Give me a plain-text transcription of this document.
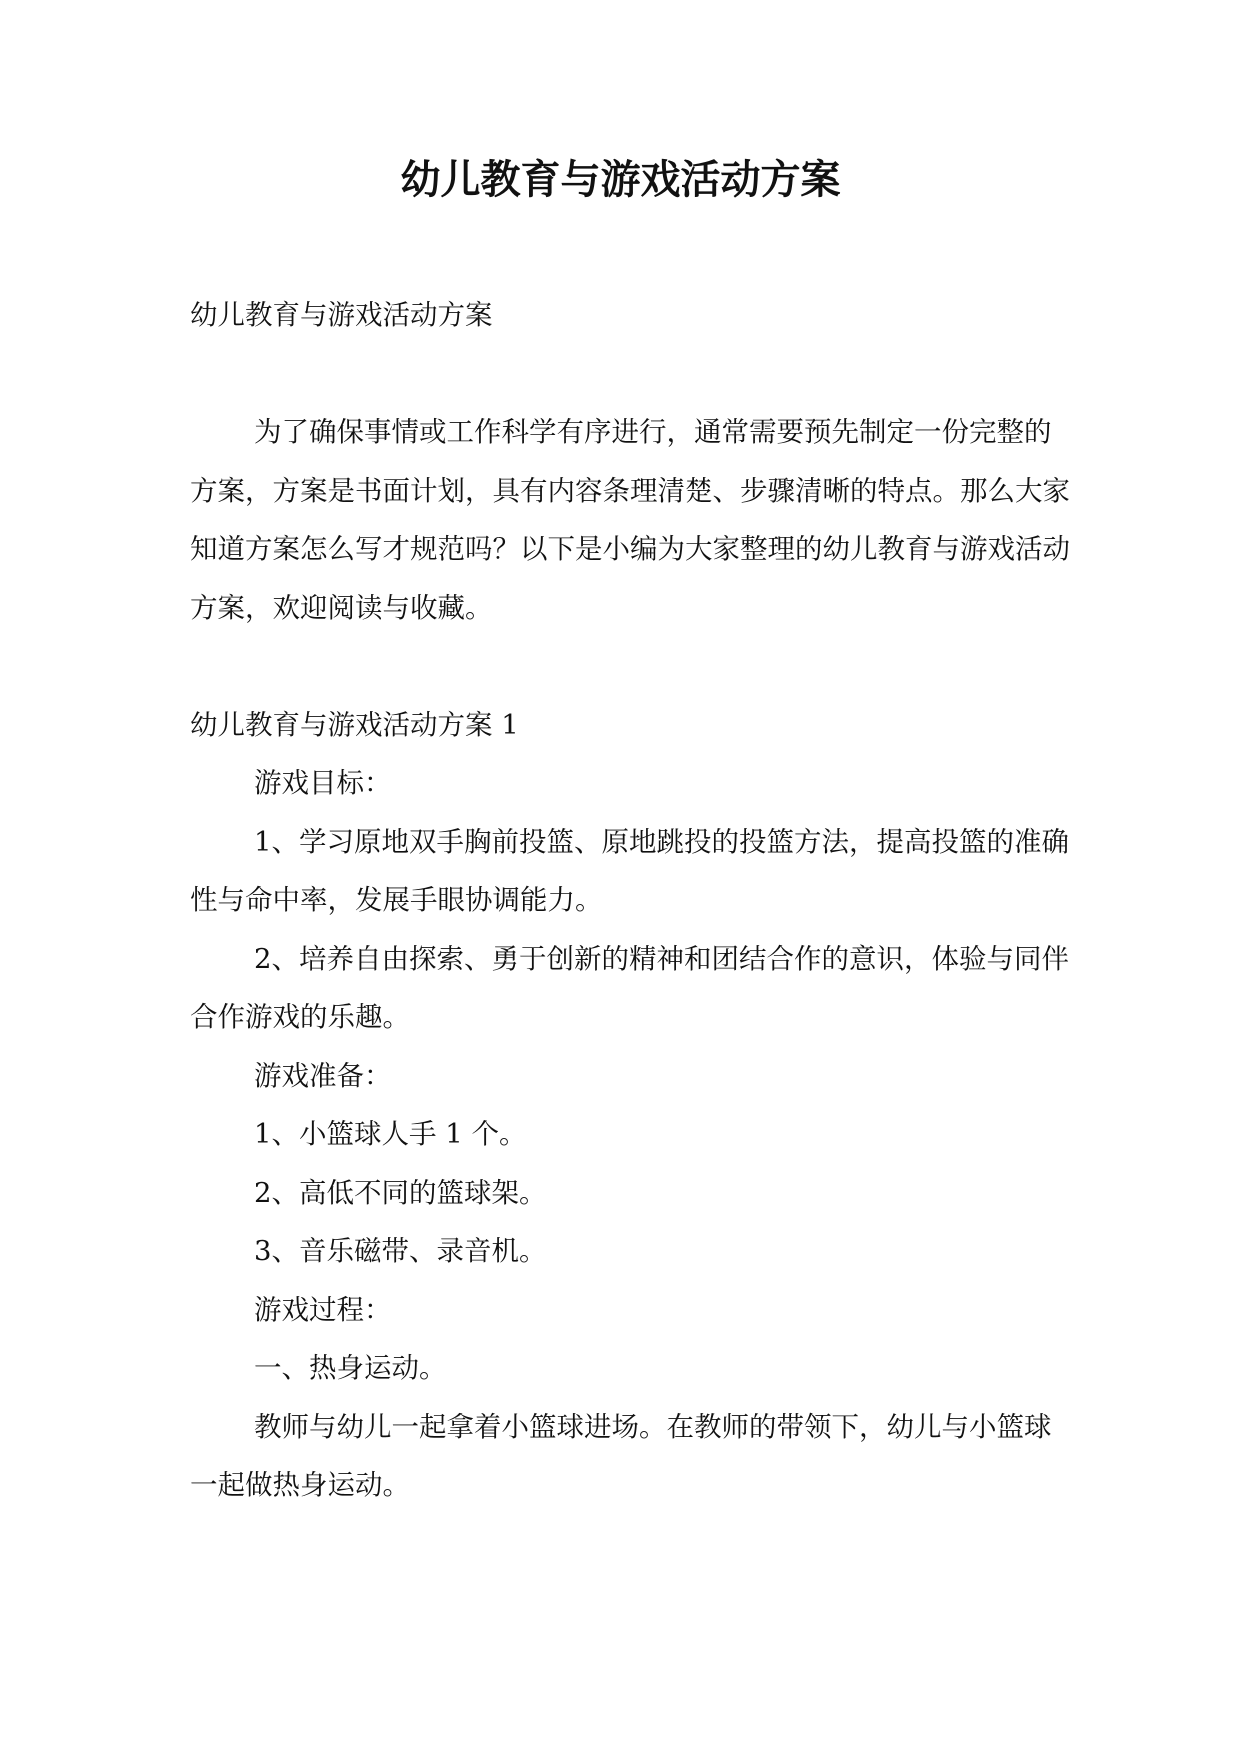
幼儿教育与游戏活动方案

幼儿教育与游戏活动方案

为了确保事情或工作科学有序进行，通常需要预先制定一份完整的方案，方案是书面计划，具有内容条理清楚、步骤清晰的特点。那么大家知道方案怎么写才规范吗？以下是小编为大家整理的幼儿教育与游戏活动方案，欢迎阅读与收藏。

幼儿教育与游戏活动方案 1

游戏目标：

1、学习原地双手胸前投篮、原地跳投的投篮方法，提高投篮的准确性与命中率，发展手眼协调能力。

2、培养自由探索、勇于创新的精神和团结合作的意识，体验与同伴合作游戏的乐趣。

游戏准备：

1、小篮球人手 1 个。

2、高低不同的篮球架。

3、音乐磁带、录音机。

游戏过程：

一、热身运动。

教师与幼儿一起拿着小篮球进场。在教师的带领下，幼儿与小篮球一起做热身运动。
